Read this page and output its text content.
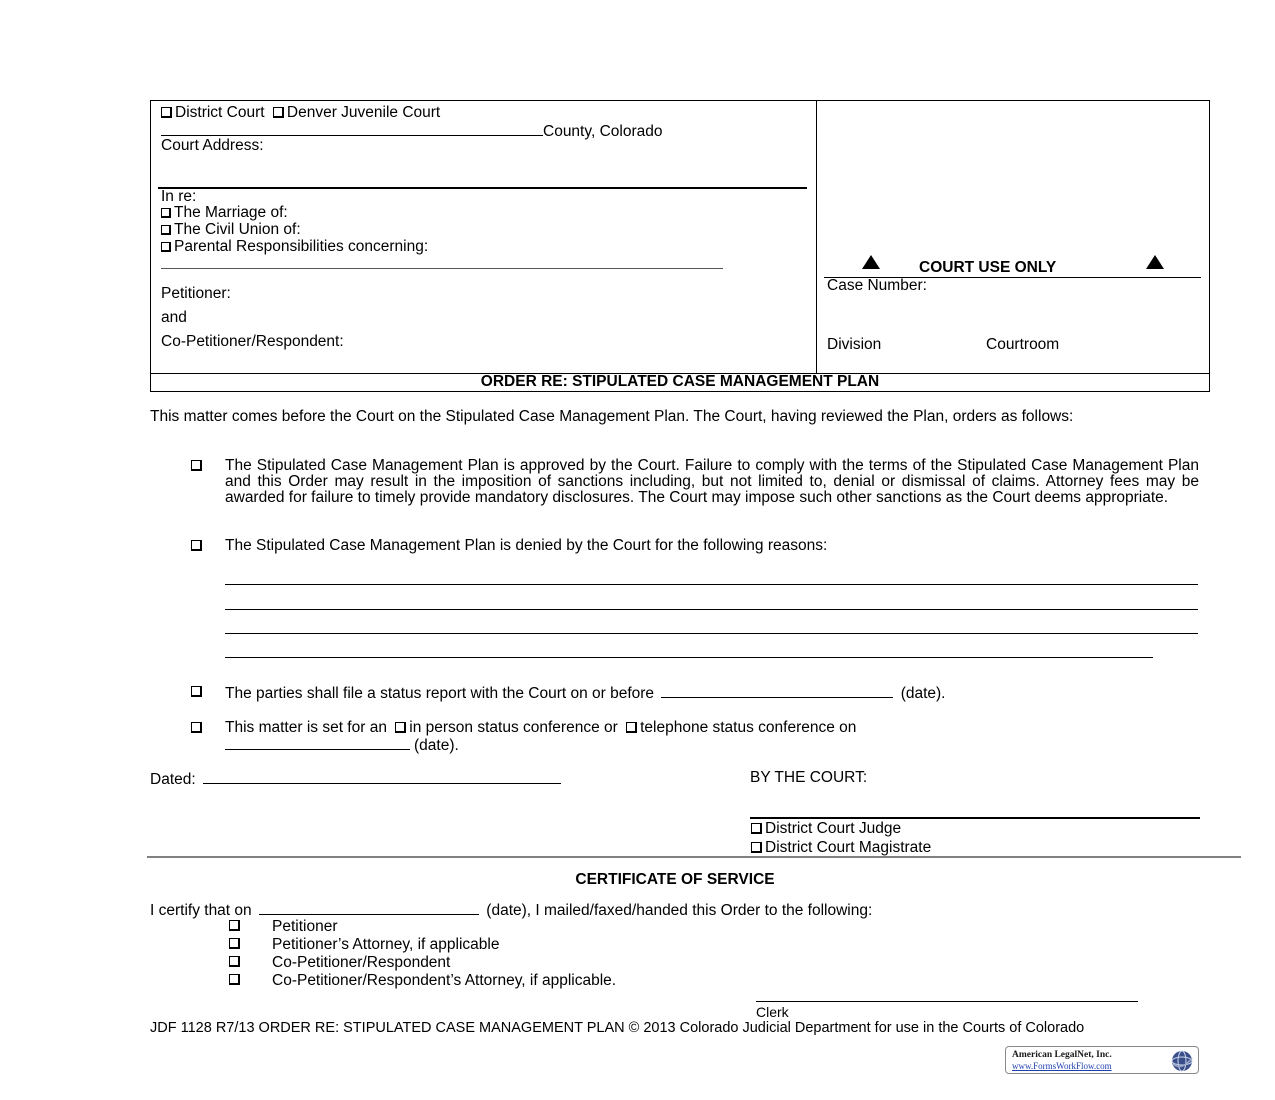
District Court Denver Juvenile Court
County, Colorado
Court Address:
In re:
The Marriage of:
The Civil Union of:
Parental Responsibilities concerning:
Petitioner:
and
Co-Petitioner/Respondent:
COURT USE ONLY
Case Number:
Division	Courtroom
ORDER RE: STIPULATED CASE MANAGEMENT PLAN
This matter comes before the Court on the Stipulated Case Management Plan. The Court, having reviewed the Plan, orders as follows:
The Stipulated Case Management Plan is approved by the Court. Failure to comply with the terms of the Stipulated Case Management Plan and this Order may result in the imposition of sanctions including, but not limited to, denial or dismissal of claims. Attorney fees may be awarded for failure to timely provide mandatory disclosures. The Court may impose such other sanctions as the Court deems appropriate.
The Stipulated Case Management Plan is denied by the Court for the following reasons:
The parties shall file a status report with the Court on or before	(date).
This matter is set for an in person status conference or telephone status conference on
(date).
Dated:	BY THE COURT:
District Court Judge
District Court Magistrate
CERTIFICATE OF SERVICE
I certify that on	(date), I mailed/faxed/handed this Order to the following:
Petitioner
Petitioner’s Attorney, if applicable
Co-Petitioner/Respondent
Co-Petitioner/Respondent’s Attorney, if applicable.
Clerk
JDF 1128 R7/13 ORDER RE: STIPULATED CASE MANAGEMENT PLAN © 2013 Colorado Judicial Department for use in the Courts of Colorado
American LegalNet, Inc.
www.FormsWorkFlow.com
